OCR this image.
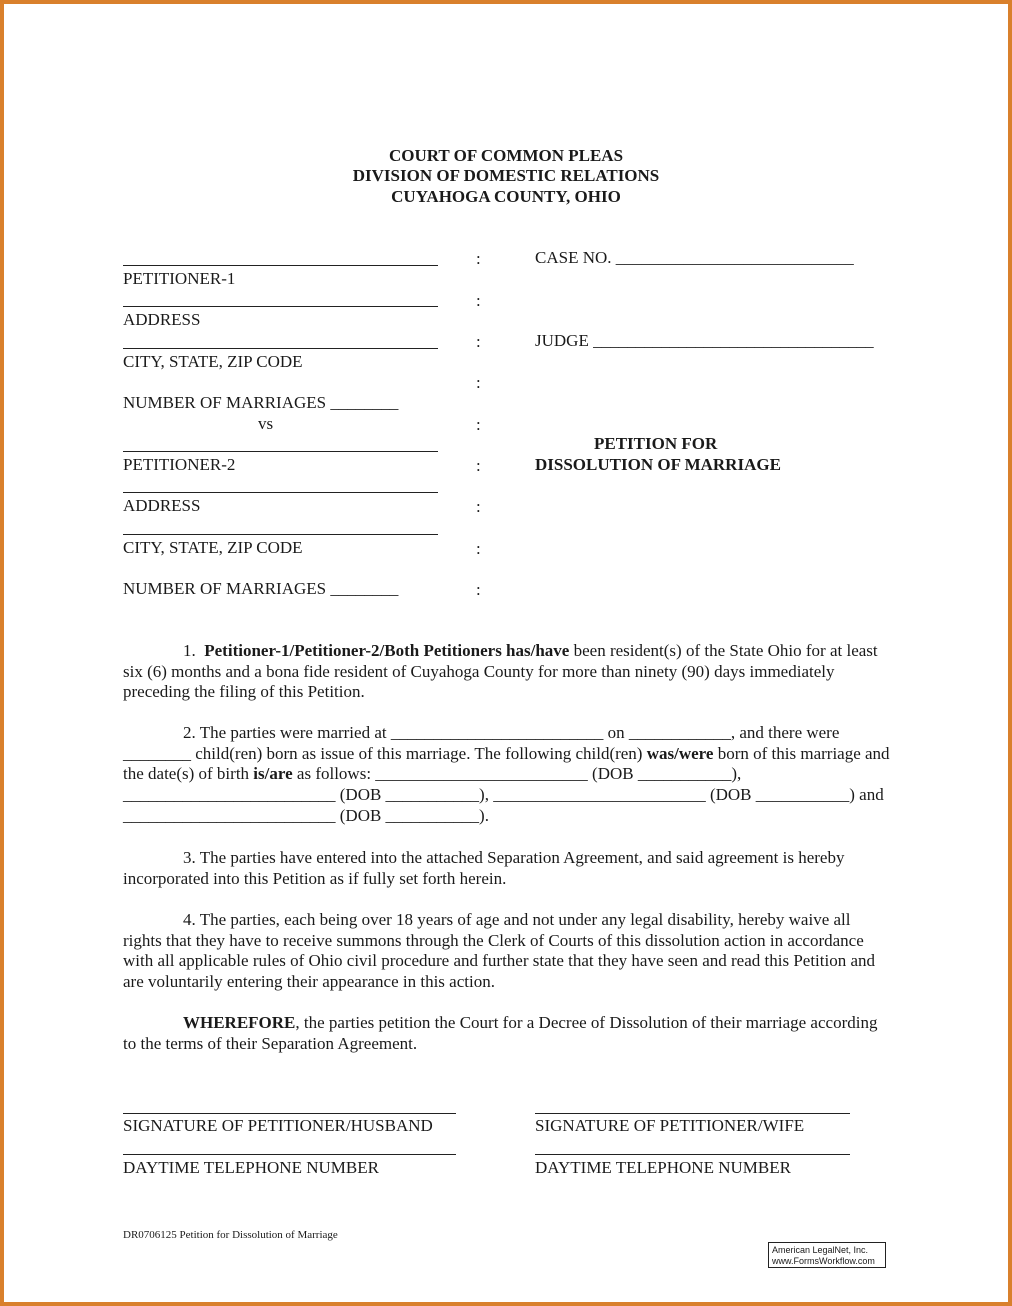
COURT OF COMMON PLEAS
DIVISION OF DOMESTIC RELATIONS
CUYAHOGA COUNTY, OHIO
PETITIONER-1
ADDRESS
CITY, STATE, ZIP CODE
NUMBER OF MARRIAGES ________
vs
PETITIONER-2
ADDRESS
CITY, STATE, ZIP CODE
NUMBER OF MARRIAGES ________
:
:
:
:
:
:
:
:
:
CASE NO. ____________________________
JUDGE _________________________________
PETITION FOR
DISSOLUTION OF MARRIAGE
1. Petitioner-1/Petitioner-2/Both Petitioners has/have been resident(s) of the State Ohio for at least six (6) months and a bona fide resident of Cuyahoga County for more than ninety (90) days immediately preceding the filing of this Petition.
2. The parties were married at _________________________ on ____________, and there were ________ child(ren) born as issue of this marriage. The following child(ren) was/were born of this marriage and the date(s) of birth is/are as follows: _________________________ (DOB ___________), _________________________ (DOB ___________), _________________________ (DOB ___________) and _________________________ (DOB ___________).
3. The parties have entered into the attached Separation Agreement, and said agreement is hereby incorporated into this Petition as if fully set forth herein.
4. The parties, each being over 18 years of age and not under any legal disability, hereby waive all rights that they have to receive summons through the Clerk of Courts of this dissolution action in accordance with all applicable rules of Ohio civil procedure and further state that they have seen and read this Petition and are voluntarily entering their appearance in this action.
WHEREFORE, the parties petition the Court for a Decree of Dissolution of their marriage according to the terms of their Separation Agreement.
SIGNATURE OF PETITIONER/HUSBAND	SIGNATURE OF PETITIONER/WIFE
DAYTIME TELEPHONE NUMBER	DAYTIME TELEPHONE NUMBER
DR0706125 Petition for Dissolution of Marriage
American LegalNet, Inc.
www.FormsWorkflow.com
